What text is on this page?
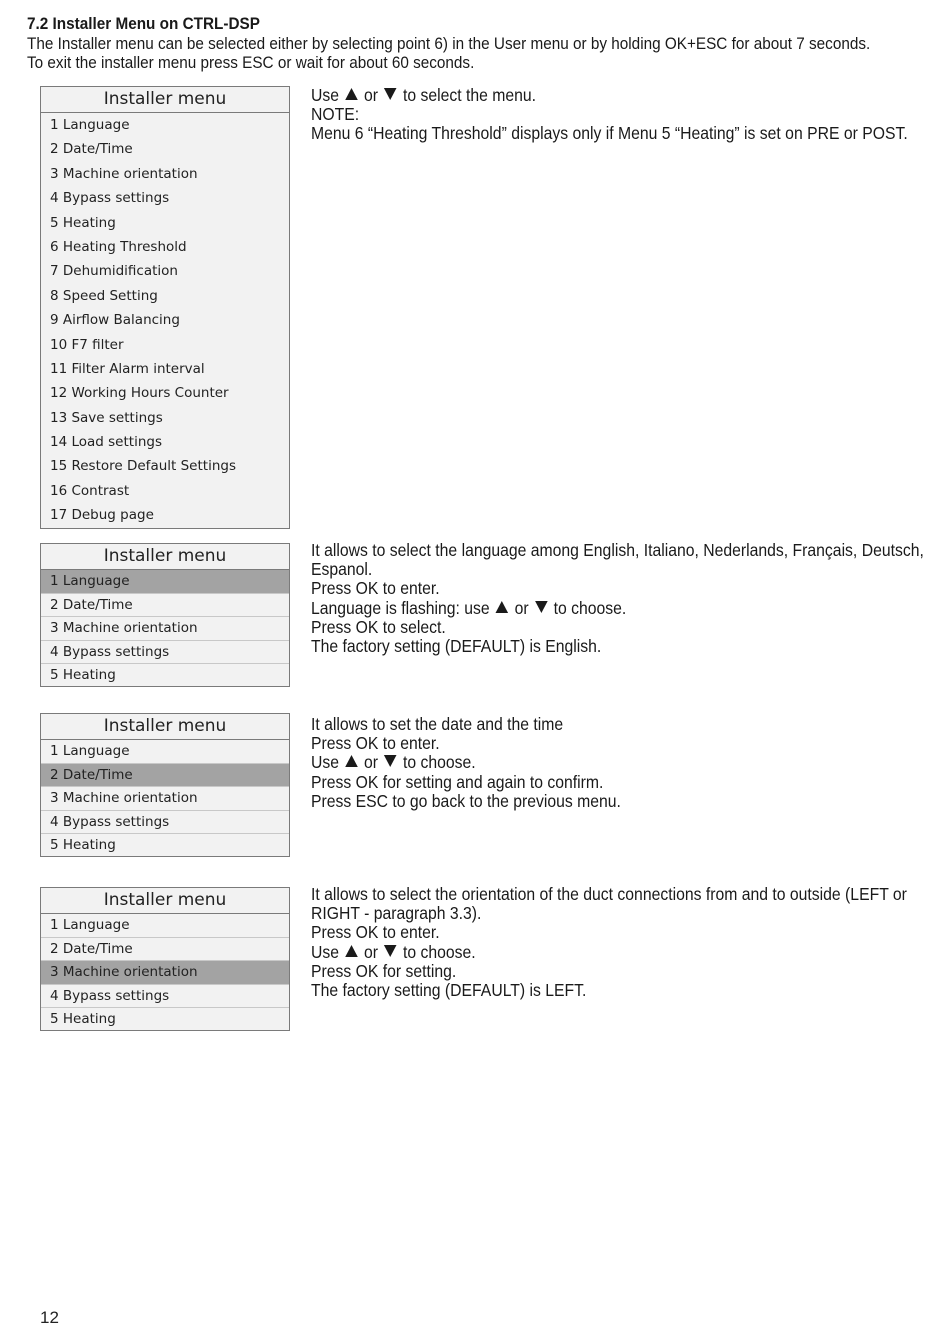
7.2 Installer Menu on CTRL-DSP

The Installer menu can be selected either by selecting point 6) in the User menu or by holding OK+ESC for about 7 seconds.

To exit the installer menu press ESC or wait for about 60 seconds.

Installer menu
1 Language
2 Date/Time
3 Machine orientation
4 Bypass settings
5 Heating
6 Heating Threshold
7 Dehumidification
8 Speed Setting
9 Airflow Balancing
10 F7 filter
11 Filter Alarm interval
12 Working Hours Counter
13 Save settings
14 Load settings
15 Restore Default Settings
16 Contrast
17 Debug page

Use or to select the menu.

NOTE:

Menu 6 “Heating Threshold” displays only if Menu 5 “Heating” is set on PRE or POST.

Installer menu
1 Language
2 Date/Time
3 Machine orientation
4 Bypass settings
5 Heating

It allows to select the language among English, Italiano, Nederlands, Français, Deutsch, Espanol.

Press OK to enter.

Language is flashing: use or to choose.

Press OK to select.

The factory setting (DEFAULT) is English.

Installer menu
1 Language
2 Date/Time
3 Machine orientation
4 Bypass settings
5 Heating

It allows to set the date and the time

Press OK to enter.

Use or to choose.

Press OK for setting and again to confirm.

Press ESC to go back to the previous menu.

Installer menu
1 Language
2 Date/Time
3 Machine orientation
4 Bypass settings
5 Heating

It allows to select the orientation of the duct connections from and to outside (LEFT or RIGHT - paragraph 3.3).

Press OK to enter.

Use or to choose.

Press OK for setting.

The factory setting (DEFAULT) is LEFT.

12
